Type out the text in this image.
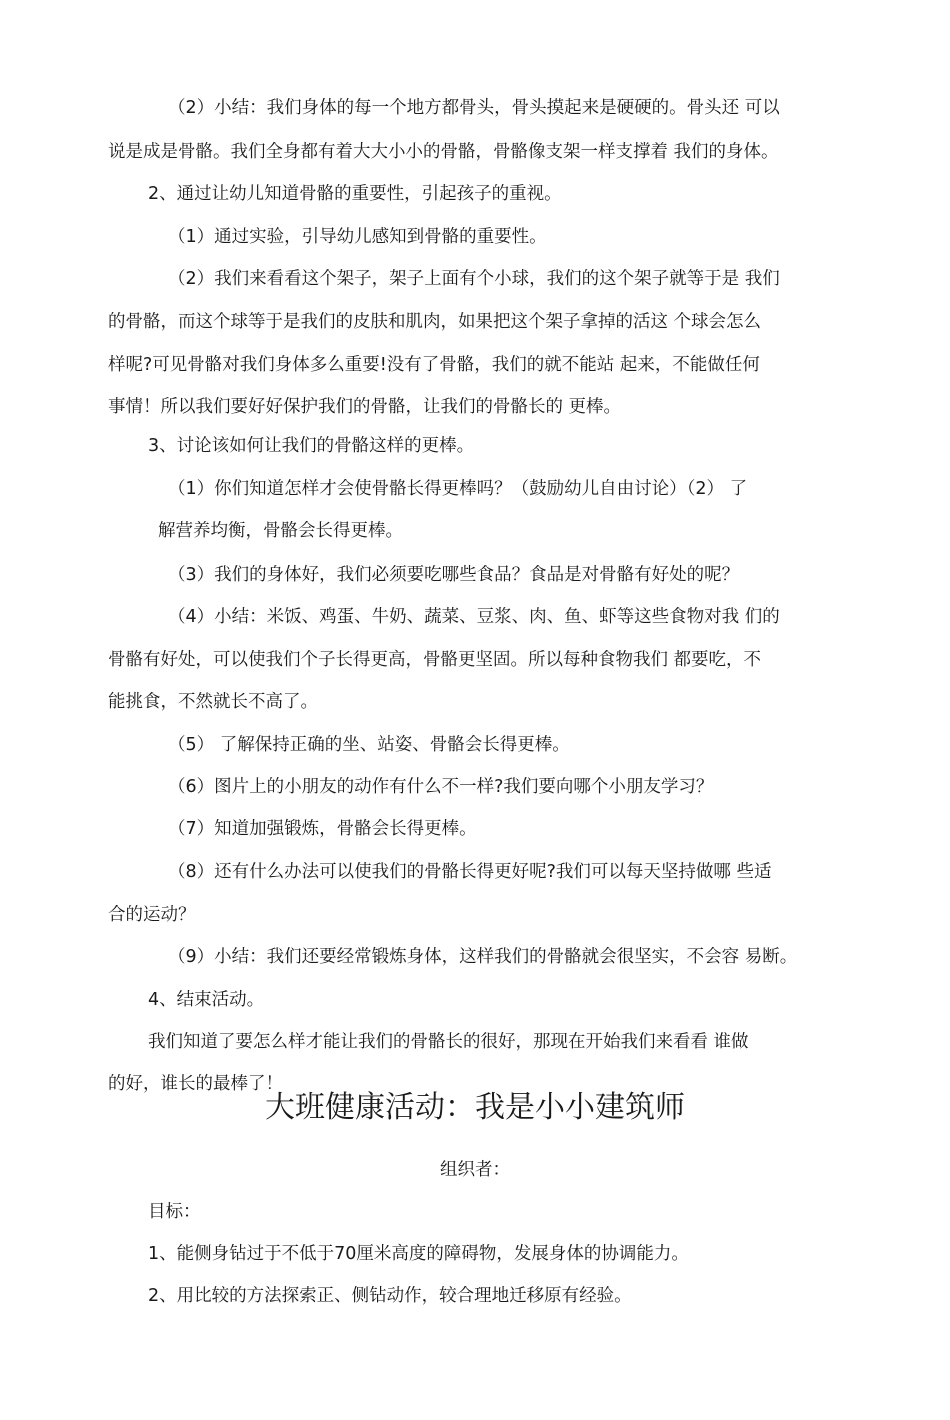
（2）小结：我们身体的每一个地方都骨头，骨头摸起来是硬硬的。骨头还 可以
说是成是骨骼。我们全身都有着大大小小的骨骼，骨骼像支架一样支撑着 我们的身体。
2、通过让幼儿知道骨骼的重要性，引起孩子的重视。
（1）通过实验，引导幼儿感知到骨骼的重要性。
（2）我们来看看这个架子，架子上面有个小球，我们的这个架子就等于是 我们
的骨骼，而这个球等于是我们的皮肤和肌肉，如果把这个架子拿掉的活这 个球会怎么
样呢?可见骨骼对我们身体多么重要!没有了骨骼，我们的就不能站 起来，不能做任何
事情！所以我们要好好保护我们的骨骼，让我们的骨骼长的 更棒。
3、讨论该如何让我们的骨骼这样的更棒。
（1）你们知道怎样才会使骨骼长得更棒吗？（鼓励幼儿自由讨论）（2） 了
解营养均衡，骨骼会长得更棒。
（3）我们的身体好，我们必须要吃哪些食品？食品是对骨骼有好处的呢？
（4）小结：米饭、鸡蛋、牛奶、蔬菜、豆浆、肉、鱼、虾等这些食物对我 们的
骨骼有好处，可以使我们个子长得更高，骨骼更坚固。所以每种食物我们 都要吃，不
能挑食，不然就长不高了。
（5） 了解保持正确的坐、站姿、骨骼会长得更棒。
（6）图片上的小朋友的动作有什么不一样?我们要向哪个小朋友学习？
（7）知道加强锻炼，骨骼会长得更棒。
（8）还有什么办法可以使我们的骨骼长得更好呢?我们可以每天坚持做哪 些适
合的运动？
（9）小结：我们还要经常锻炼身体，这样我们的骨骼就会很坚实，不会容 易断。
4、结束活动。
我们知道了要怎么样才能让我们的骨骼长的很好，那现在开始我们来看看 谁做
的好，谁长的最棒了！
大班健康活动：我是小小建筑师
组织者：
目标：
1、能侧身钻过于不低于70厘米高度的障碍物，发展身体的协调能力。
2、用比较的方法探索正、侧钻动作，较合理地迁移原有经验。
